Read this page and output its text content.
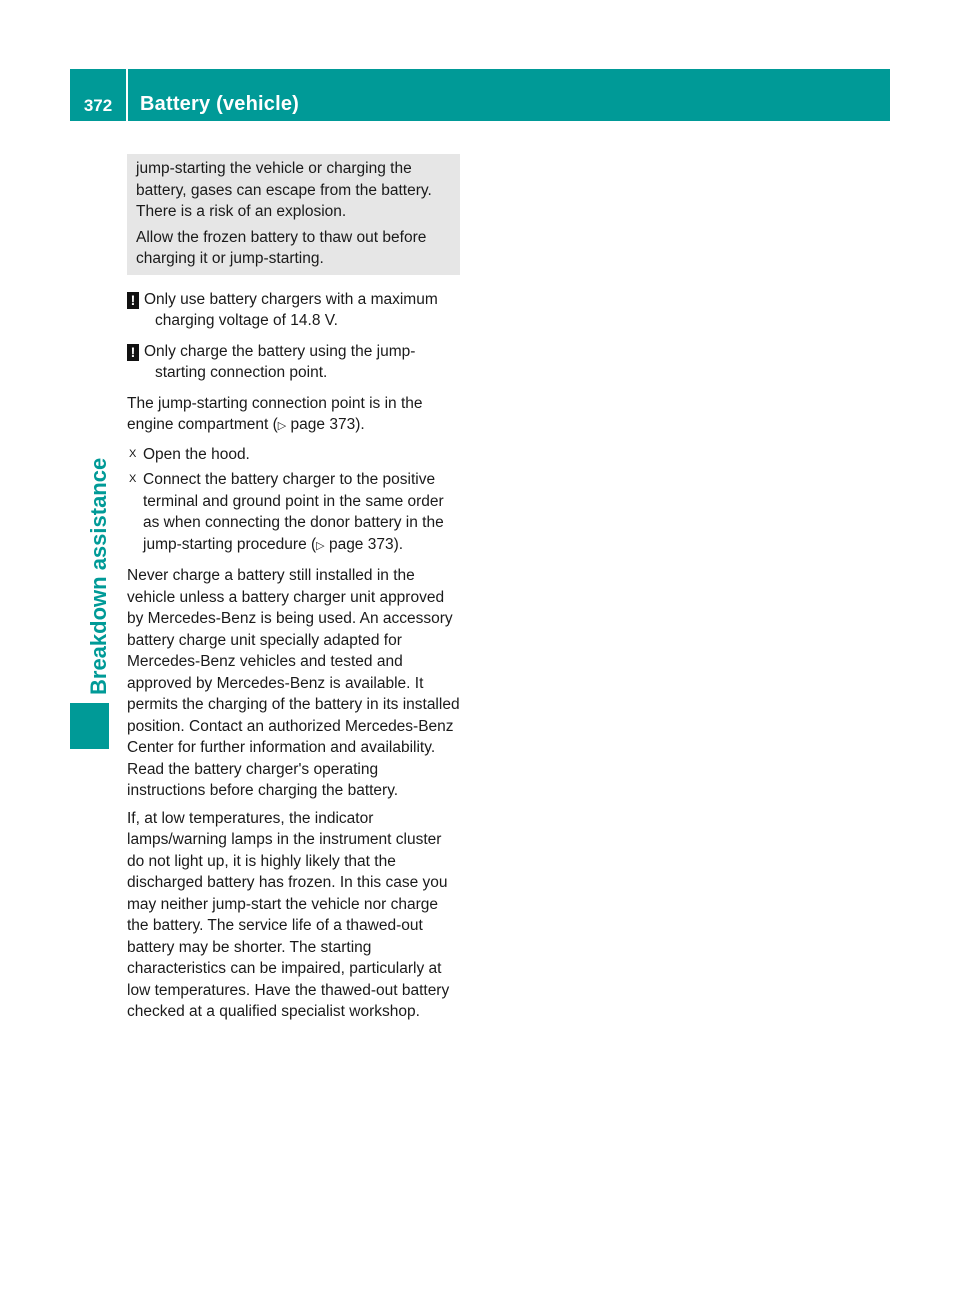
372	Battery (vehicle)
Breakdown assistance

jump-starting the vehicle or charging the battery, gases can escape from the battery. There is a risk of an explosion.

Allow the frozen battery to thaw out before charging it or jump-starting.

! Only use battery chargers with a maximum charging voltage of 14.8 V.
! Only charge the battery using the jump-starting connection point.

The jump-starting connection point is in the engine compartment (▷ page 373).

X Open the hood.
X Connect the battery charger to the positive terminal and ground point in the same order as when connecting the donor battery in the jump-starting procedure (▷ page 373).

Never charge a battery still installed in the vehicle unless a battery charger unit approved by Mercedes-Benz is being used. An accessory battery charge unit specially adapted for Mercedes-Benz vehicles and tested and approved by Mercedes-Benz is available. It permits the charging of the battery in its installed position. Contact an authorized Mercedes-Benz Center for further information and availability. Read the battery charger's operating instructions before charging the battery.

If, at low temperatures, the indicator lamps/warning lamps in the instrument cluster do not light up, it is highly likely that the discharged battery has frozen. In this case you may neither jump-start the vehicle nor charge the battery. The service life of a thawed-out battery may be shorter. The starting characteristics can be impaired, particularly at low temperatures. Have the thawed-out battery checked at a qualified specialist workshop.
